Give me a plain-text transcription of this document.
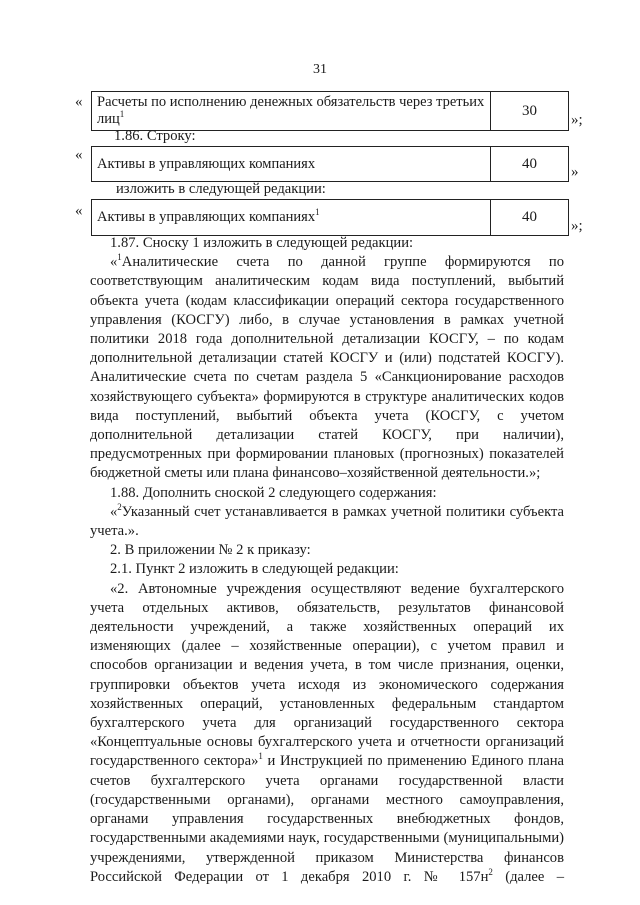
31
« Расчеты по исполнению денежных обязательств через третьих лиц$^1$	30
»;
1.86. Строку:
«
Активы в управляющих компаниях	40
»
изложить в следующей редакции:
« Активы в управляющих компаниях$^1$	40
»;

1.87. Сноску 1 изложить в следующей редакции:

«$^1$Аналитические счета по данной группе формируются по соответствующим аналитическим кодам вида поступлений, выбытий объекта учета (кодам классификации операций сектора государственного управления (КОСГУ) либо, в случае установления в рамках учетной политики 2018 года дополнительной детализации КОСГУ, – по кодам дополнительной детализации статей КОСГУ и (или) подстатей КОСГУ). Аналитические счета по счетам раздела 5 «Санкционирование расходов хозяйствующего субъекта» формируются в структуре аналитических кодов вида поступлений, выбытий объекта учета (КОСГУ, с учетом дополнительной детализации статей КОСГУ, при наличии), предусмотренных при формировании плановых (прогнозных) показателей бюджетной сметы или плана финансово–хозяйственной деятельности.»;

1.88. Дополнить сноской 2 следующего содержания:

«$^2$Указанный счет устанавливается в рамках учетной политики субъекта учета.».

2. В приложении № 2 к приказу:

2.1. Пункт 2 изложить в следующей редакции:

«2. Автономные учреждения осуществляют ведение бухгалтерского учета отдельных активов, обязательств, результатов финансовой деятельности учреждений, а также хозяйственных операций их изменяющих (далее – хозяйственные операции), с учетом правил и способов организации и ведения учета, в том числе признания, оценки, группировки объектов учета исходя из экономического содержания хозяйственных операций, установленных федеральным стандартом бухгалтерского учета для организаций государственного сектора «Концептуальные основы бухгалтерского учета и отчетности организаций государственного сектора»$^1$ и Инструкцией по применению Единого плана счетов бухгалтерского учета органами государственной власти (государственными органами), органами местного самоуправления, органами управления государственных внебюджетных фондов, государственными академиями наук, государственными (муниципальными) учреждениями, утвержденной приказом Министерства финансов Российской Федерации от 1 декабря 2010 г. № $157н^2$ (далее –
